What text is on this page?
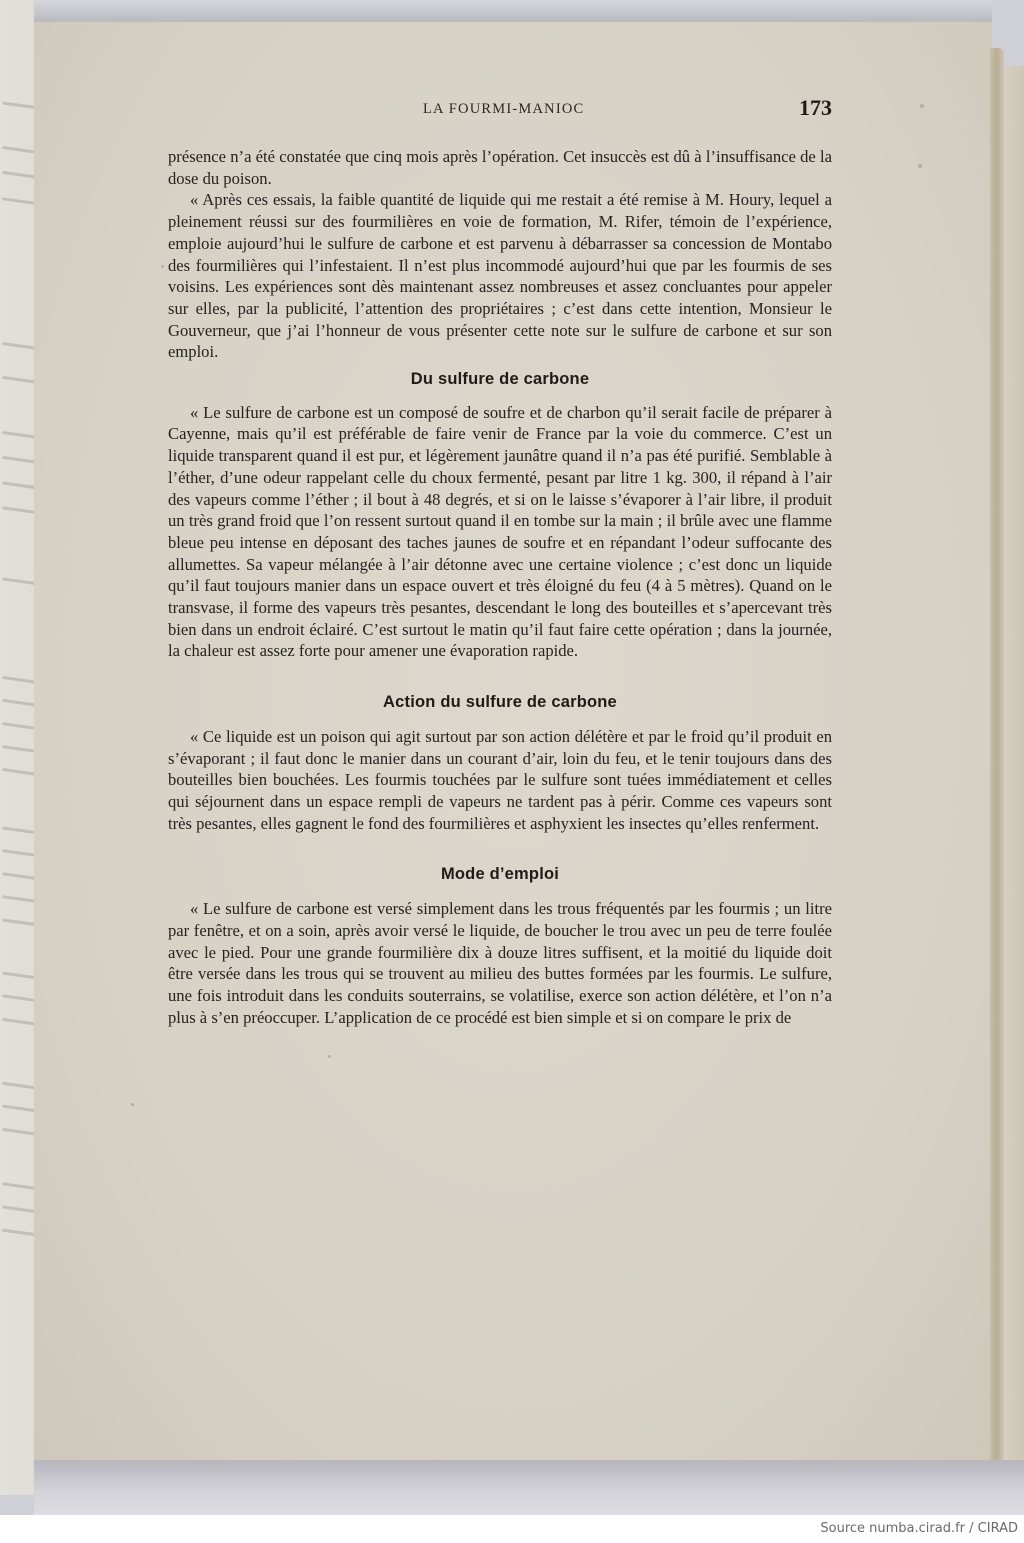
LA FOURMI-MANIOC	173

présence n’a été constatée que cinq mois après l’opération. Cet insuccès est dû à l’insuffisance de la dose du poison.

« Après ces essais, la faible quantité de liquide qui me restait a été remise à M. Houry, lequel a pleinement réussi sur des fourmilières en voie de formation, M. Rifer, témoin de l’expérience, emploie aujourd’hui le sulfure de carbone et est parvenu à débarrasser sa concession de Montabo des fourmilières qui l’infestaient. Il n’est plus incommodé aujourd’hui que par les fourmis de ses voisins. Les expériences sont dès maintenant assez nombreuses et assez concluantes pour appeler sur elles, par la publicité, l’attention des propriétaires ; c’est dans cette intention, Monsieur le Gouverneur, que j’ai l’honneur de vous présenter cette note sur le sulfure de carbone et sur son emploi.

Du sulfure de carbone

« Le sulfure de carbone est un composé de soufre et de charbon qu’il serait facile de préparer à Cayenne, mais qu’il est préférable de faire venir de France par la voie du commerce. C’est un liquide transparent quand il est pur, et légèrement jaunâtre quand il n’a pas été purifié. Semblable à l’éther, d’une odeur rappelant celle du choux fermenté, pesant par litre 1 kg. 300, il répand à l’air des vapeurs comme l’éther ; il bout à 48 degrés, et si on le laisse s’évaporer à l’air libre, il produit un très grand froid que l’on ressent surtout quand il en tombe sur la main ; il brûle avec une flamme bleue peu intense en déposant des taches jaunes de soufre et en répandant l’odeur suffocante des allumettes. Sa vapeur mélangée à l’air détonne avec une certaine violence ; c’est donc un liquide qu’il faut toujours manier dans un espace ouvert et très éloigné du feu (4 à 5 mètres). Quand on le transvase, il forme des vapeurs très pesantes, descendant le long des bouteilles et s’apercevant très bien dans un endroit éclairé. C’est surtout le matin qu’il faut faire cette opération ; dans la journée, la chaleur est assez forte pour amener une évaporation rapide.

Action du sulfure de carbone

« Ce liquide est un poison qui agit surtout par son action délétère et par le froid qu’il produit en s’évaporant ; il faut donc le manier dans un courant d’air, loin du feu, et le tenir toujours dans des bouteilles bien bouchées. Les fourmis touchées par le sulfure sont tuées immédiatement et celles qui séjournent dans un espace rempli de vapeurs ne tardent pas à périr. Comme ces vapeurs sont très pesantes, elles gagnent le fond des fourmilières et asphyxient les insectes qu’elles renferment.

Mode d’emploi

« Le sulfure de carbone est versé simplement dans les trous fréquentés par les fourmis ; un litre par fenêtre, et on a soin, après avoir versé le liquide, de boucher le trou avec un peu de terre foulée avec le pied. Pour une grande fourmilière dix à douze litres suffisent, et la moitié du liquide doit être versée dans les trous qui se trouvent au milieu des buttes formées par les fourmis. Le sulfure, une fois introduit dans les conduits souterrains, se volatilise, exerce son action délétère, et l’on n’a plus à s’en préoccuper. L’application de ce procédé est bien simple et si on compare le prix de

Source numba.cirad.fr / CIRAD
